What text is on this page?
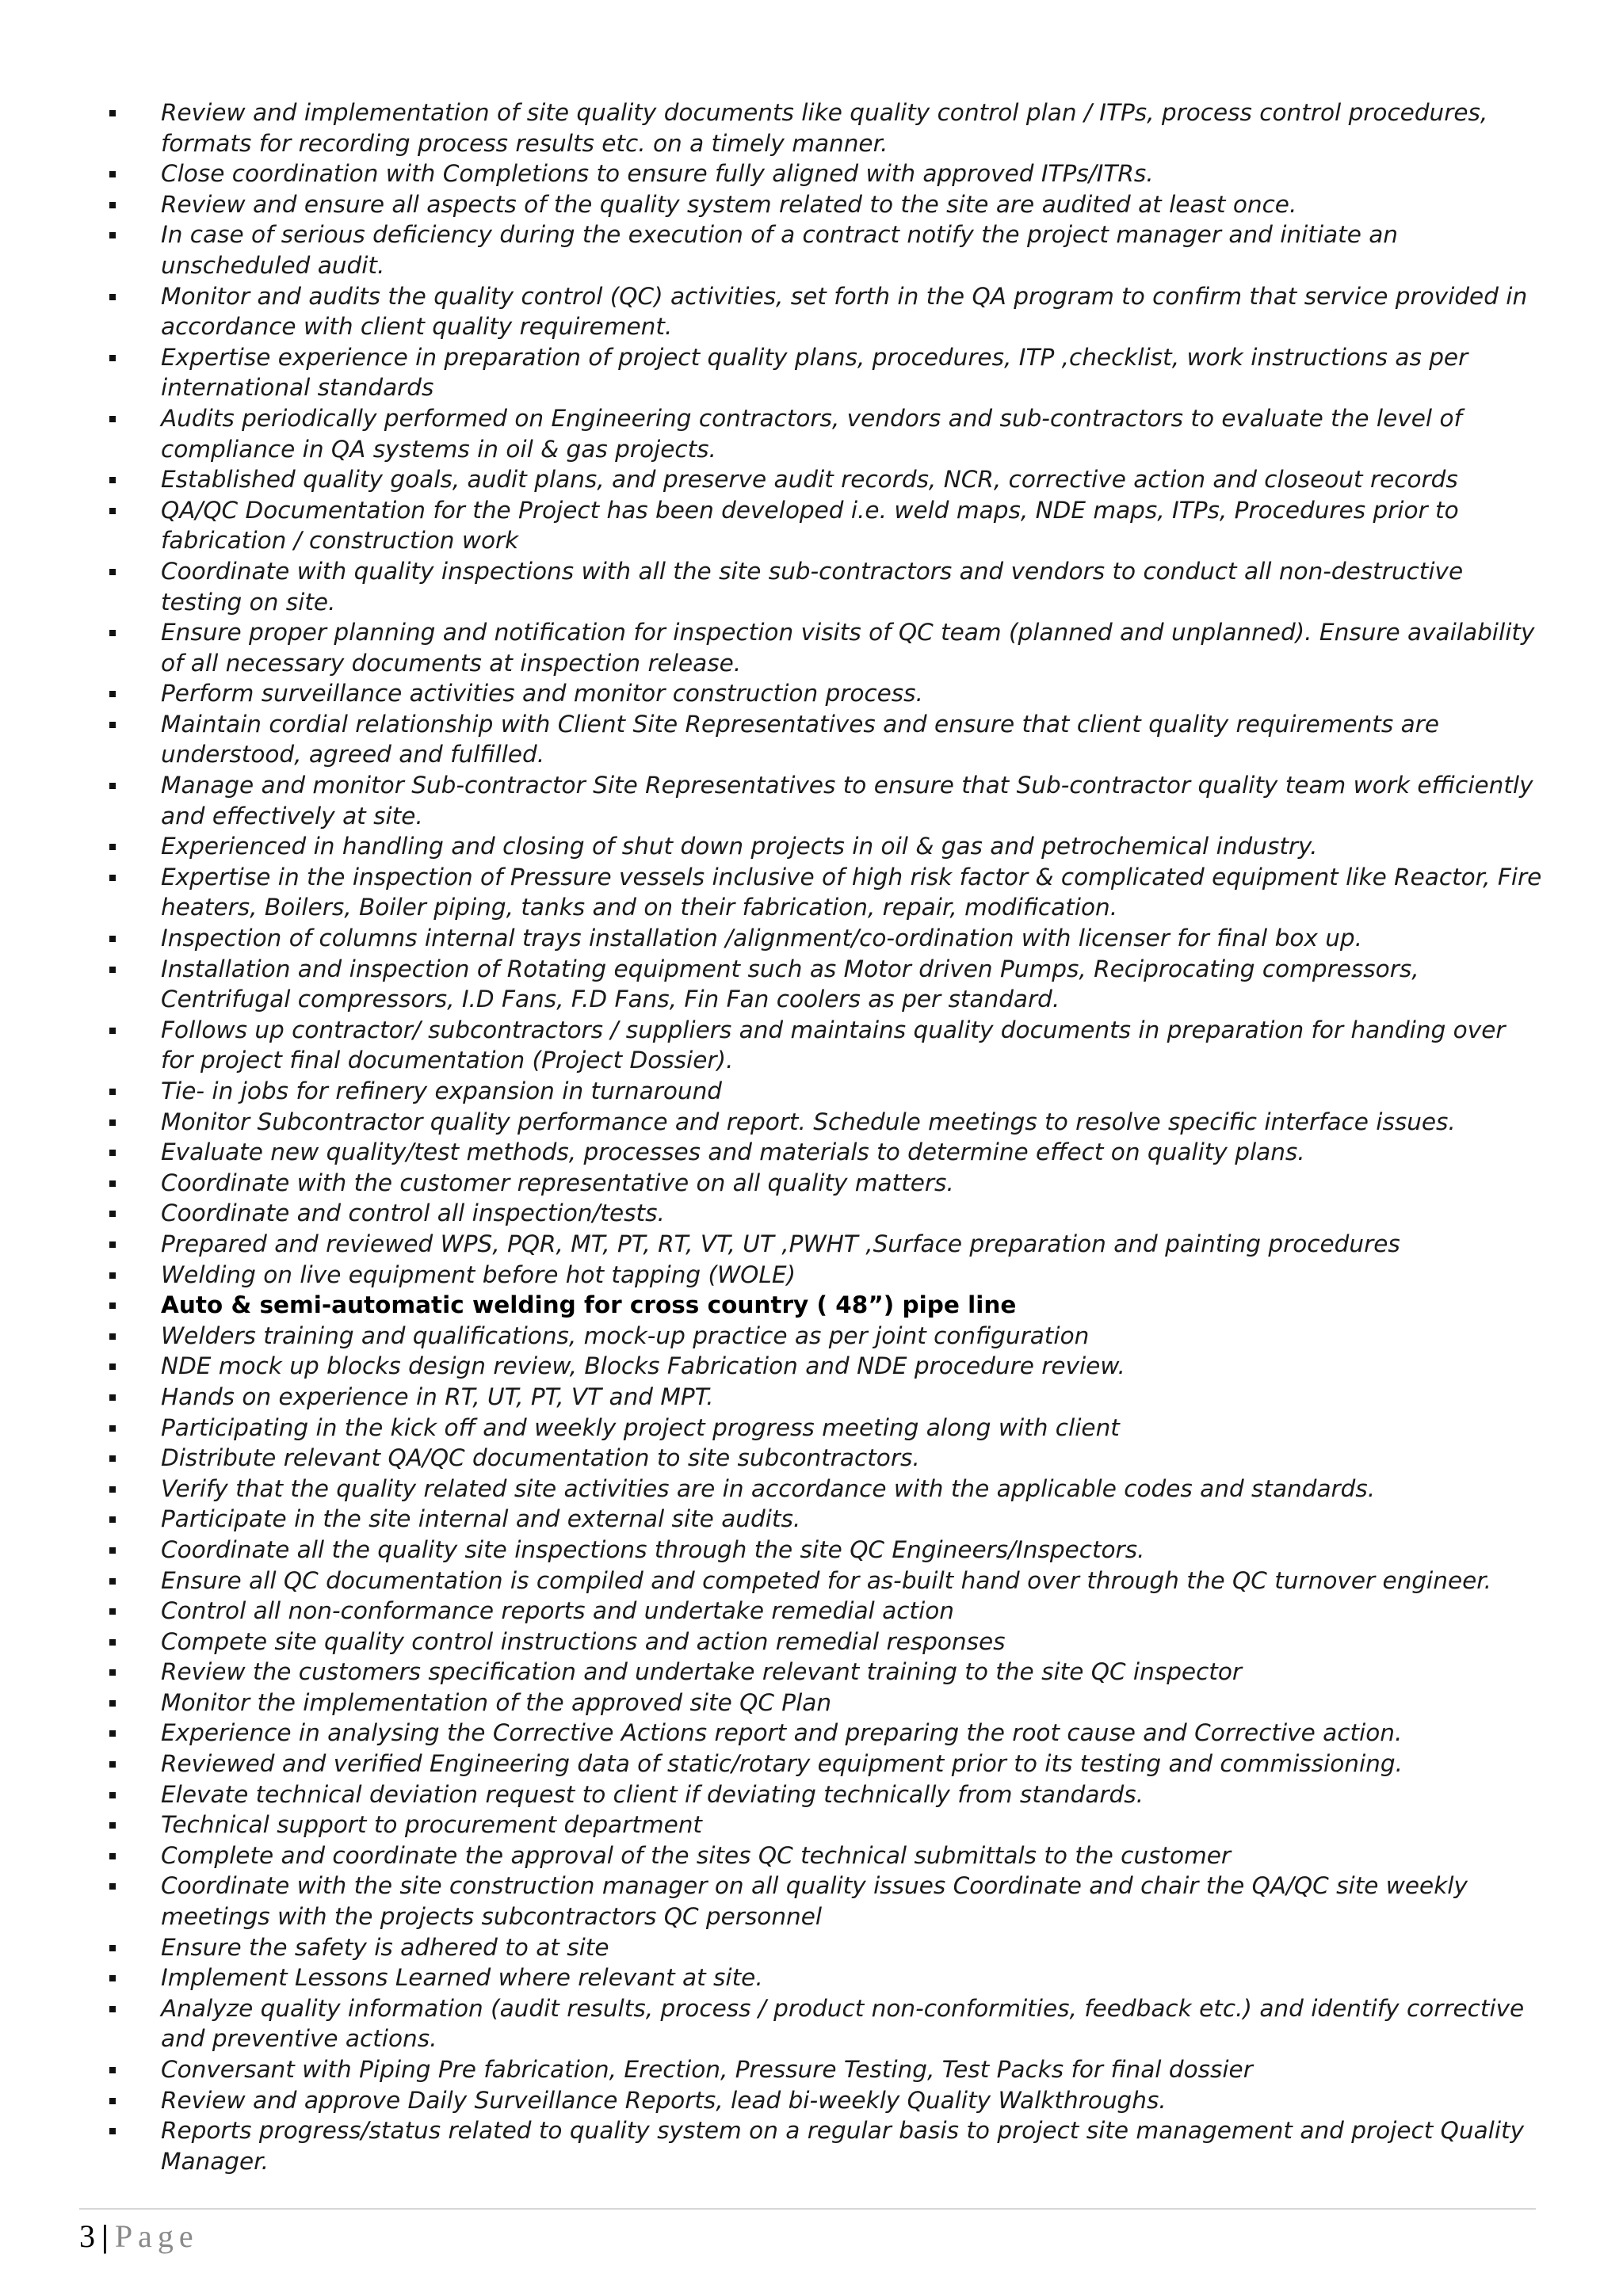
Review and implementation of site quality documents like quality control plan / ITPs, process control procedures, formats for recording process results etc. on a timely manner.
Close coordination with Completions to ensure fully aligned with approved ITPs/ITRs.
Review and ensure all aspects of the quality system related to the site are audited at least once.
In case of serious deficiency during the execution of a contract notify the project manager and initiate an unscheduled audit.
Monitor and audits the quality control (QC) activities, set forth in the QA program to confirm that service provided in accordance with client quality requirement.
Expertise experience in preparation of project quality plans, procedures, ITP ,checklist, work instructions as per international standards
Audits periodically performed on Engineering contractors, vendors and sub-contractors to evaluate the level of compliance in QA systems in oil & gas projects.
Established quality goals, audit plans, and preserve audit records, NCR, corrective action and closeout records
QA/QC Documentation for the Project has been developed i.e. weld maps, NDE maps, ITPs, Procedures prior to fabrication / construction work
Coordinate with quality inspections with all the site sub-contractors and vendors to conduct all non-destructive testing on site.
Ensure proper planning and notification for inspection visits of QC team (planned and unplanned). Ensure availability of all necessary documents at inspection release.
Perform surveillance activities and monitor construction process.
Maintain cordial relationship with Client Site Representatives and ensure that client quality requirements are understood, agreed and fulfilled.
Manage and monitor Sub-contractor Site Representatives to ensure that Sub-contractor quality team work efficiently and effectively at site.
Experienced in handling and closing of shut down projects in oil & gas and petrochemical industry.
Expertise in the inspection of Pressure vessels inclusive of high risk factor & complicated equipment like Reactor, Fire heaters, Boilers, Boiler piping, tanks and on their fabrication, repair, modification.
Inspection of columns internal trays installation /alignment/co-ordination with licenser for final box up.
Installation and inspection of Rotating equipment such as Motor driven Pumps, Reciprocating compressors, Centrifugal compressors, I.D Fans, F.D Fans, Fin Fan coolers as per standard.
Follows up contractor/ subcontractors / suppliers and maintains quality documents in preparation for handing over for project final documentation (Project Dossier).
Tie- in jobs for refinery expansion in turnaround
Monitor Subcontractor quality performance and report. Schedule meetings to resolve specific interface issues.
Evaluate new quality/test methods, processes and materials to determine effect on quality plans.
Coordinate with the customer representative on all quality matters.
Coordinate and control all inspection/tests.
Prepared and reviewed WPS, PQR, MT, PT, RT, VT, UT ,PWHT ,Surface preparation and painting procedures
Welding on live equipment before hot tapping (WOLE)
Auto & semi-automatic welding for cross country ( 48”) pipe line
Welders training and qualifications, mock-up practice as per joint configuration
NDE mock up blocks design review, Blocks Fabrication and NDE procedure review.
Hands on experience in RT, UT, PT, VT and MPT.
Participating in the kick off and weekly project progress meeting along with client
Distribute relevant QA/QC documentation to site subcontractors.
Verify that the quality related site activities are in accordance with the applicable codes and standards.
Participate in the site internal and external site audits.
Coordinate all the quality site inspections through the site QC Engineers/Inspectors.
Ensure all QC documentation is compiled and competed for as-built hand over through the QC turnover engineer.
Control all non-conformance reports and undertake remedial action
Compete site quality control instructions and action remedial responses
Review the customers specification and undertake relevant training to the site QC inspector
Monitor the implementation of the approved site QC Plan
Experience in analysing the Corrective Actions report and preparing the root cause and Corrective action.
Reviewed and verified Engineering data of static/rotary equipment prior to its testing and commissioning.
Elevate technical deviation request to client if deviating technically from standards.
Technical support to procurement department
Complete and coordinate the approval of the sites QC technical submittals to the customer
Coordinate with the site construction manager on all quality issues Coordinate and chair the QA/QC site weekly meetings with the projects subcontractors QC personnel
Ensure the safety is adhered to at site
Implement Lessons Learned where relevant at site.
Analyze quality information (audit results, process / product non-conformities, feedback etc.) and identify corrective and preventive actions.
Conversant with Piping Pre fabrication, Erection, Pressure Testing, Test Packs for final dossier
Review and approve Daily Surveillance Reports, lead bi-weekly Quality Walkthroughs.
Reports progress/status related to quality system on a regular basis to project site management and project Quality Manager.
3 | Page
